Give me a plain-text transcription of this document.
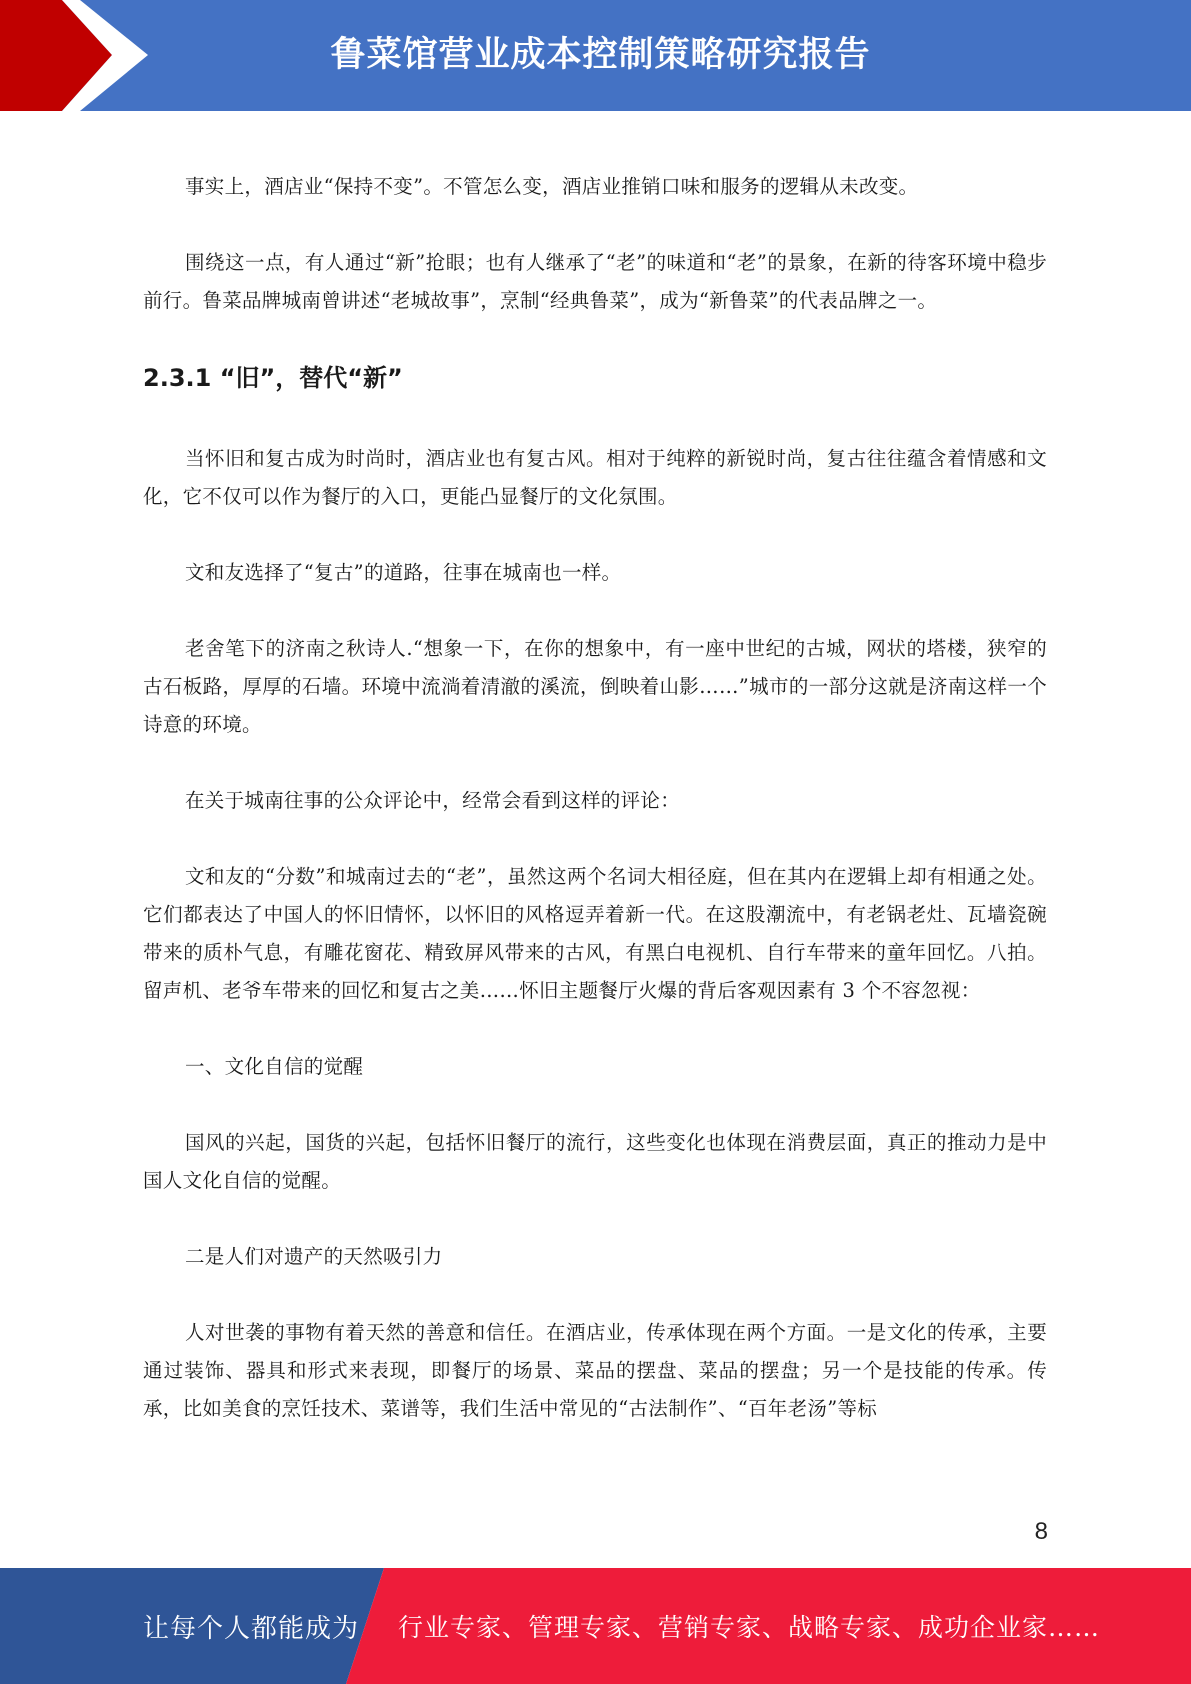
鲁菜馆营业成本控制策略研究报告

事实上，酒店业“保持不变”。不管怎么变，酒店业推销口味和服务的逻辑从未改变。

围绕这一点，有人通过“新”抢眼；也有人继承了“老”的味道和“老”的景象，在新的待客环境中稳步前行。鲁菜品牌城南曾讲述“老城故事”，烹制“经典鲁菜”，成为“新鲁菜”的代表品牌之一。

2.3.1 “旧”，替代“新”

当怀旧和复古成为时尚时，酒店业也有复古风。相对于纯粹的新锐时尚，复古往往蕴含着情感和文化，它不仅可以作为餐厅的入口，更能凸显餐厅的文化氛围。

文和友选择了“复古”的道路，往事在城南也一样。

老舍笔下的济南之秋诗人.“想象一下，在你的想象中，有一座中世纪的古城，网状的塔楼，狭窄的古石板路，厚厚的石墙。环境中流淌着清澈的溪流，倒映着山影……”城市的一部分这就是济南这样一个诗意的环境。

在关于城南往事的公众评论中，经常会看到这样的评论：

文和友的“分数”和城南过去的“老”，虽然这两个名词大相径庭，但在其内在逻辑上却有相通之处。它们都表达了中国人的怀旧情怀，以怀旧的风格逗弄着新一代。在这股潮流中，有老锅老灶、瓦墙瓷碗带来的质朴气息，有雕花窗花、精致屏风带来的古风，有黑白电视机、自行车带来的童年回忆。八拍。留声机、老爷车带来的回忆和复古之美……怀旧主题餐厅火爆的背后客观因素有 3 个不容忽视：

一、文化自信的觉醒

国风的兴起，国货的兴起，包括怀旧餐厅的流行，这些变化也体现在消费层面，真正的推动力是中国人文化自信的觉醒。

二是人们对遗产的天然吸引力

人对世袭的事物有着天然的善意和信任。在酒店业，传承体现在两个方面。一是文化的传承，主要通过装饰、器具和形式来表现，即餐厅的场景、菜品的摆盘、菜品的摆盘；另一个是技能的传承。传承，比如美食的烹饪技术、菜谱等，我们生活中常见的“古法制作”、“百年老汤”等标

8
让每个人都能成为 行业专家、管理专家、营销专家、战略专家、成功企业家……
